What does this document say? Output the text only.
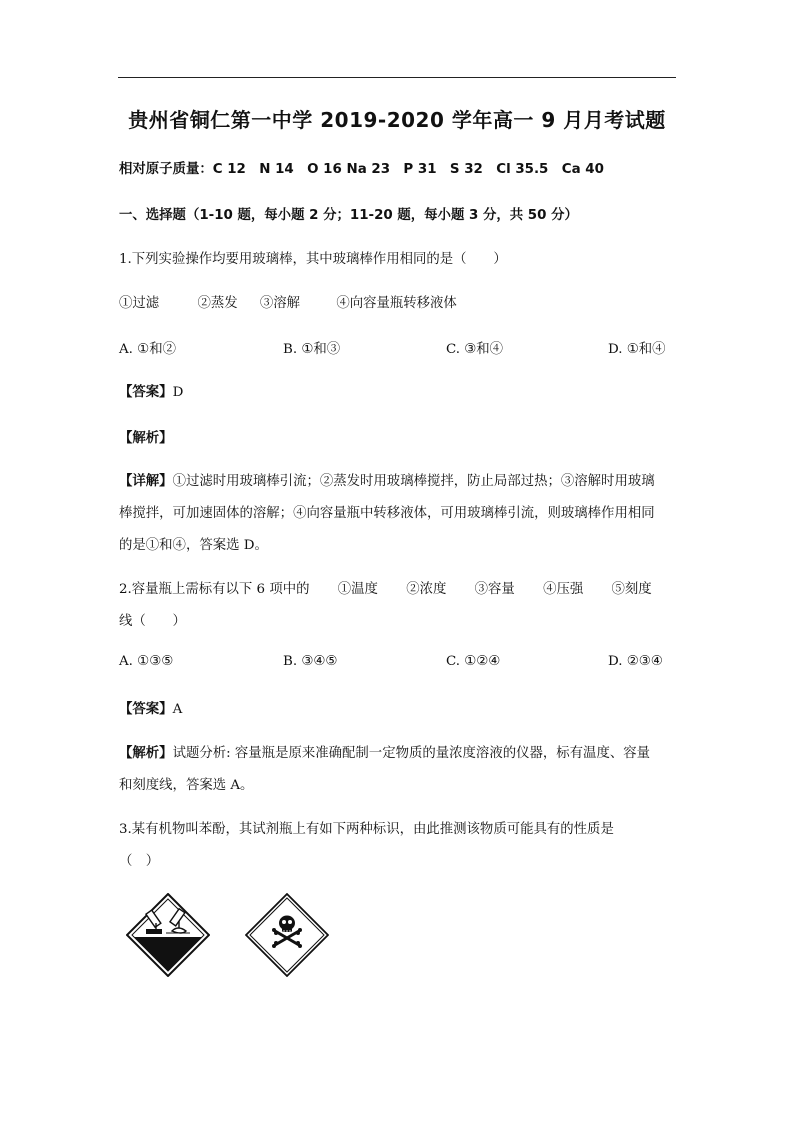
贵州省铜仁第一中学 2019-2020 学年高一 9 月月考试题
相对原子质量：C 12　N 14　O 16 Na 23　P 31　S 32　Cl 35.5　Ca 40
一、选择题（1-10 题，每小题 2 分；11-20 题，每小题 3 分，共 50 分）
1.下列实验操作均要用玻璃棒，其中玻璃棒作用相同的是（　　）
①过滤	②蒸发 ③溶解	④向容量瓶转移液体
A. ①和②	B. ①和③	C. ③和④	D. ①和④
【答案】D
【解析】
【详解】①过滤时用玻璃棒引流；②蒸发时用玻璃棒搅拌，防止局部过热；③溶解时用玻璃
棒搅拌，可加速固体的溶解；④向容量瓶中转移液体，可用玻璃棒引流，则玻璃棒作用相同
的是①和④，答案选 D。
2.容量瓶上需标有以下 6 项中的 ①温度 ②浓度 ③容量 ④压强 ⑤刻度
线（　　）
A. ①③⑤	B. ③④⑤	C. ①②④	D. ②③④
【答案】A
【解析】试题分析: 容量瓶是原来准确配制一定物质的量浓度溶液的仪器，标有温度、容量
和刻度线，答案选 A。
3.某有机物叫苯酚，其试剂瓶上有如下两种标识，由此推测该物质可能具有的性质是
（　）
